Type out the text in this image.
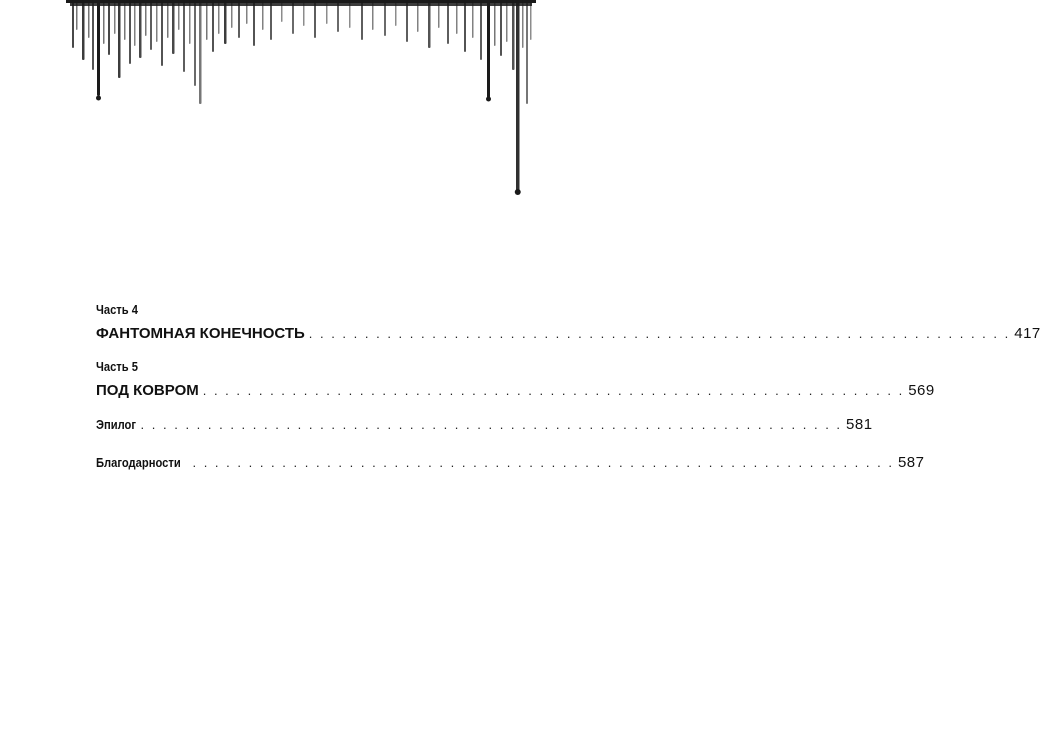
Часть 4
ФАНТОМНАЯ КОНЕЧНОСТЬ . . . . . . . . . . . . . . . . . . . . . . . . . . . . . . . . . . . . . . . . . . . . . . . . . . . . . . . . . . . . . . . 417
Часть 5
ПОД КОВРОМ . . . . . . . . . . . . . . . . . . . . . . . . . . . . . . . . . . . . . . . . . . . . . . . . . . . . . . . . . . . . . . . 569
Эпилог . . . . . . . . . . . . . . . . . . . . . . . . . . . . . . . . . . . . . . . . . . . . . . . . . . . . . . . . . . . . . . . 581
Благодарности . . . . . . . . . . . . . . . . . . . . . . . . . . . . . . . . . . . . . . . . . . . . . . . . . . . . . . . . . . . . . . . 587
